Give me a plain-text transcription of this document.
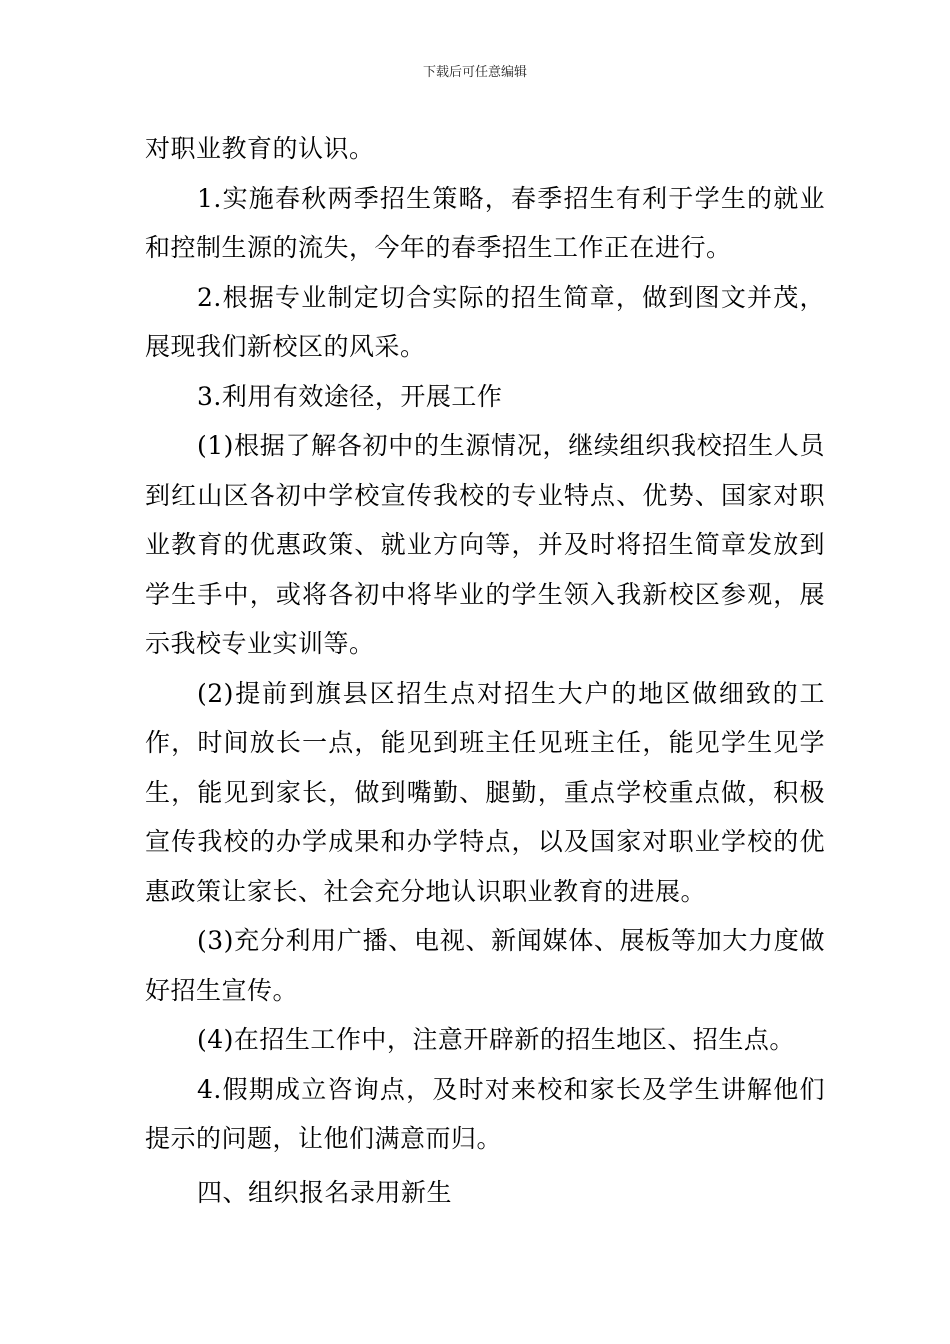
下载后可任意编辑

对职业教育的认识。

1.实施春秋两季招生策略，春季招生有利于学生的就业和控制生源的流失，今年的春季招生工作正在进行。

2.根据专业制定切合实际的招生简章，做到图文并茂，展现我们新校区的风采。

3.利用有效途径，开展工作

(1)根据了解各初中的生源情况，继续组织我校招生人员到红山区各初中学校宣传我校的专业特点、优势、国家对职业教育的优惠政策、就业方向等，并及时将招生简章发放到学生手中，或将各初中将毕业的学生领入我新校区参观，展示我校专业实训等。

(2)提前到旗县区招生点对招生大户的地区做细致的工作，时间放长一点，能见到班主任见班主任，能见学生见学生，能见到家长，做到嘴勤、腿勤，重点学校重点做，积极宣传我校的办学成果和办学特点，以及国家对职业学校的优惠政策让家长、社会充分地认识职业教育的进展。

(3)充分利用广播、电视、新闻媒体、展板等加大力度做好招生宣传。

(4)在招生工作中，注意开辟新的招生地区、招生点。

4.假期成立咨询点，及时对来校和家长及学生讲解他们提示的问题，让他们满意而归。

四、组织报名录用新生
